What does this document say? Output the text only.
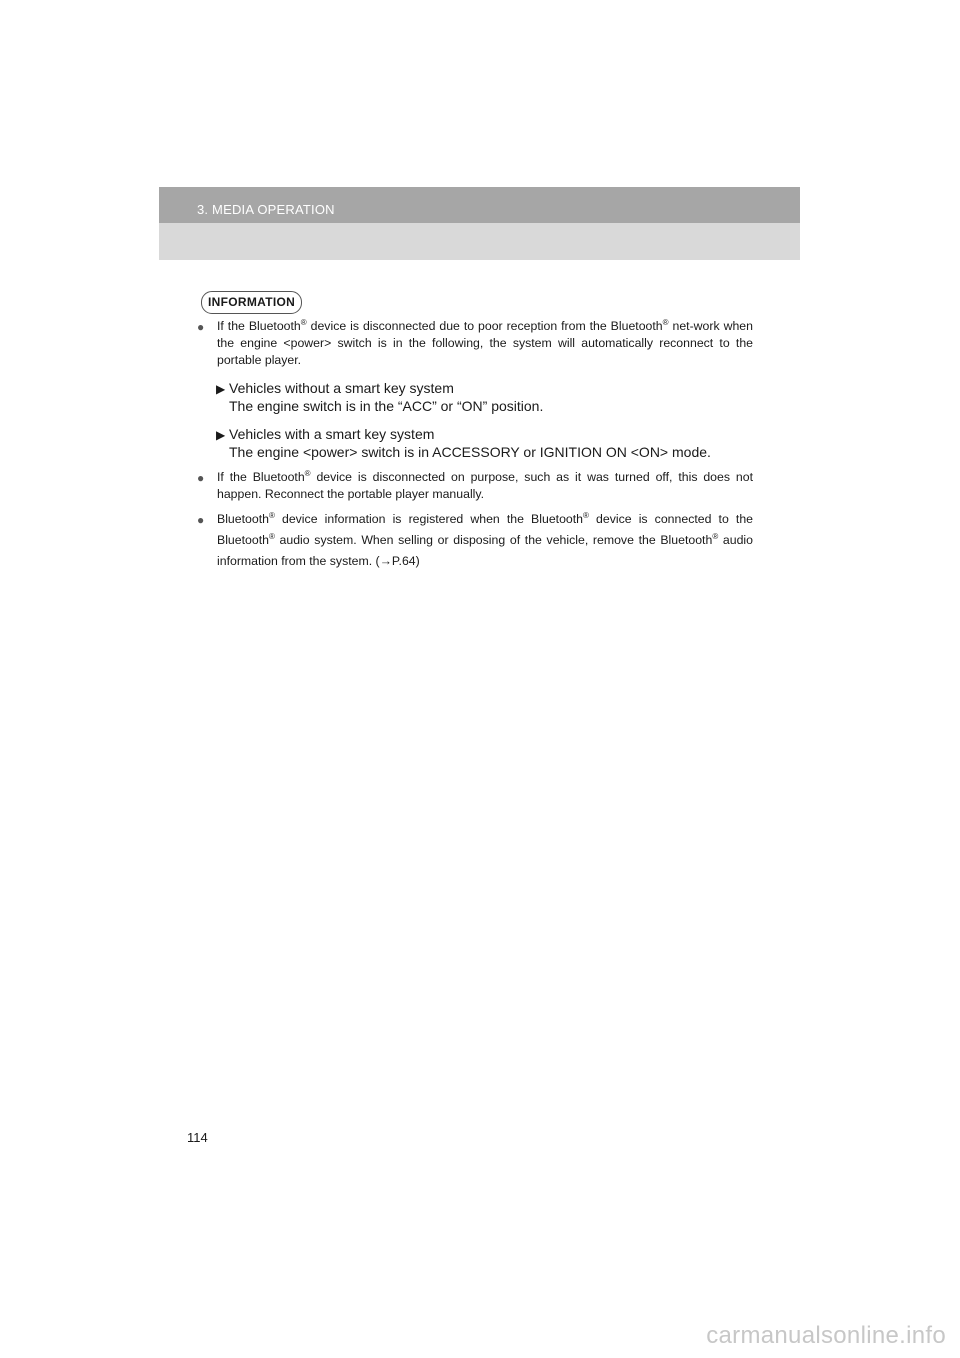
3. MEDIA OPERATION
INFORMATION
●	If the Bluetooth® device is disconnected due to poor reception from the Bluetooth® net-work when the engine <power> switch is in the following, the system will automatically reconnect to the portable player.
▶ Vehicles without a smart key system
The engine switch is in the “ACC” or “ON” position.
▶ Vehicles with a smart key system
The engine <power> switch is in ACCESSORY or IGNITION ON <ON> mode.
●	If the Bluetooth® device is disconnected on purpose, such as it was turned off, this does not happen. Reconnect the portable player manually.
●	Bluetooth® device information is registered when the Bluetooth® device is connected to the Bluetooth® audio system. When selling or disposing of the vehicle, remove the Bluetooth® audio information from the system. (→P.64)
114
carmanualsonline.info
